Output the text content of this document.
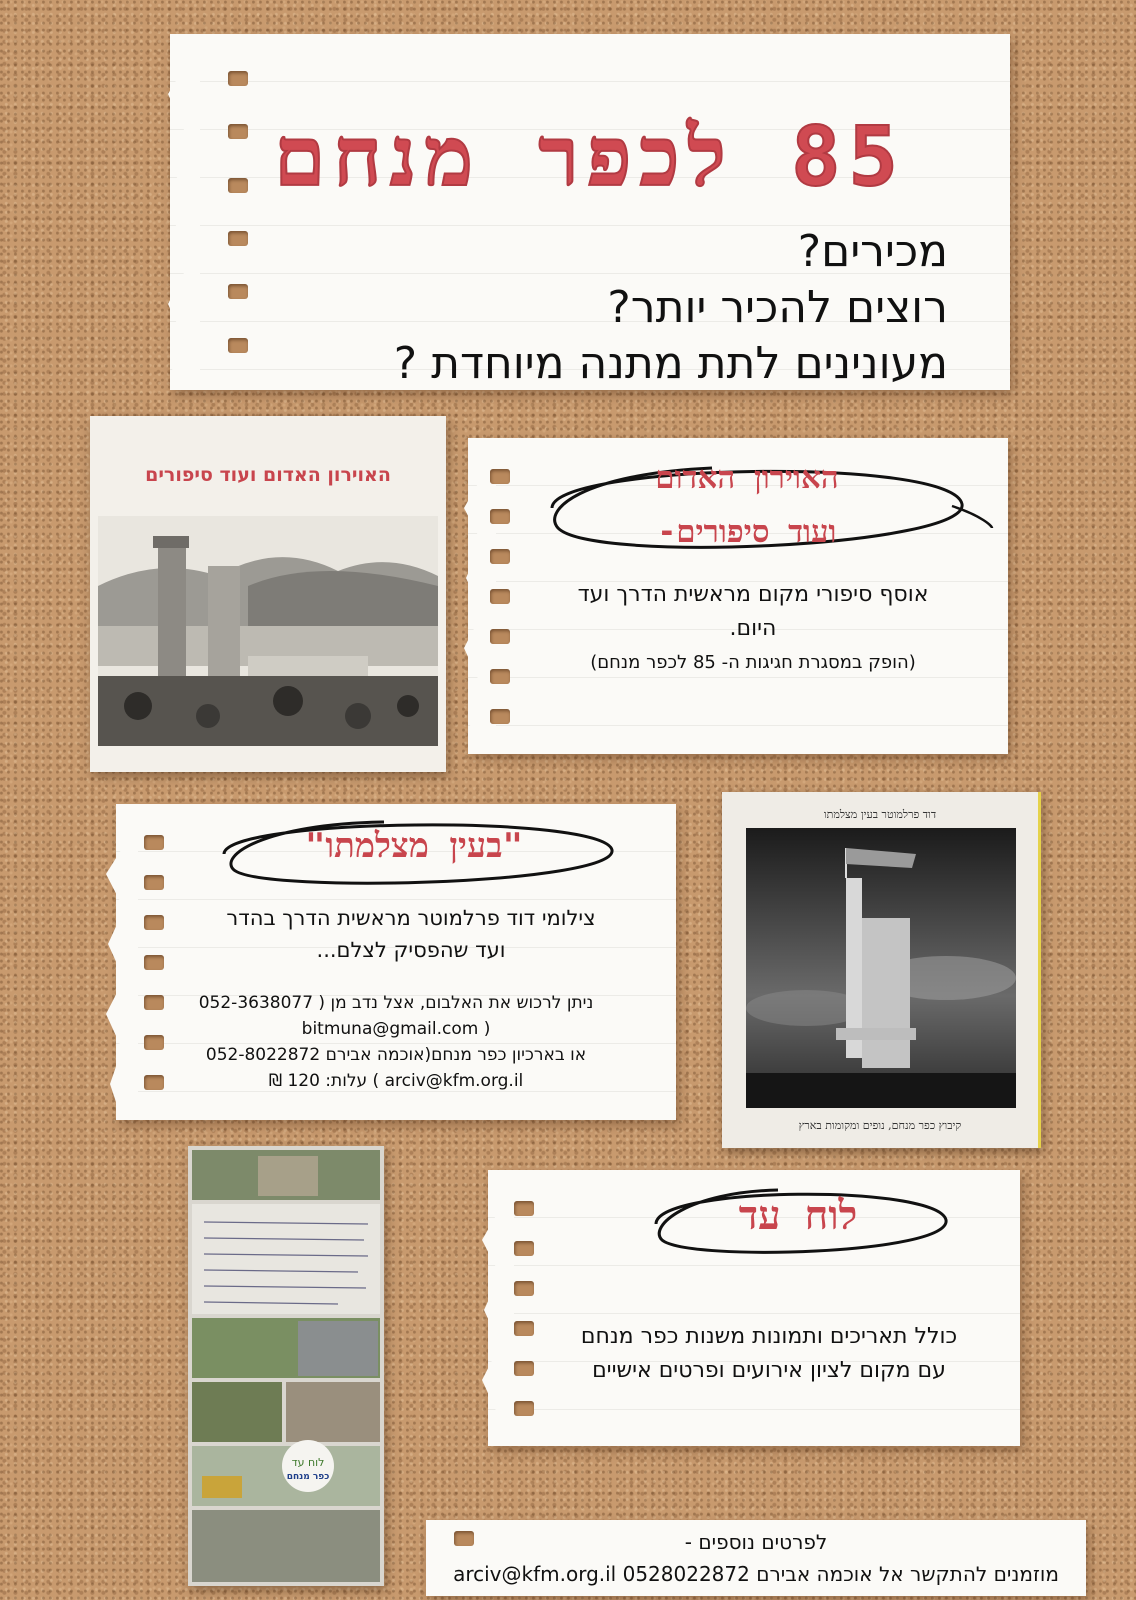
85 לכפר מנחם
מכירים?
רוצים להכיר יותר?
מעונינים לתת מתנה מיוחדת ?
האוירון האדום ועוד סיפורים	האוירון האדום
ועוד סיפורים-
אוסף סיפורי מקום מראשית הדרך ועד
היום.
(הופק במסגרת חגיגות ה- 85 לכפר מנחם)
"בעין מצלמתו"
צילומי דוד פרלמוטר מראשית הדרך בהדר
ועד שהפסיק לצלם...
ניתן לרכוש את האלבום, אצל נדב מן ( 052-3638077
( bitmuna@gmail.com
או בארכיון כפר מנחם(אוכמה אבירם 052-8022872
arciv@kfm.org.il ) עלות: 120 ₪
דוד פרלמוטר בעין מצלמתו
קיבוץ כפר מנחם, נופים ומקומות בארץ
לוח עד
כפר מנחם
לוח עד
כולל תאריכים ותמונות משנות כפר מנחם
עם מקום לציון אירועים ופרטים אישיים
לפרטים נוספים -
מוזמנים להתקשר אל אוכמה אבירם 0528022872 arciv@kfm.org.il
